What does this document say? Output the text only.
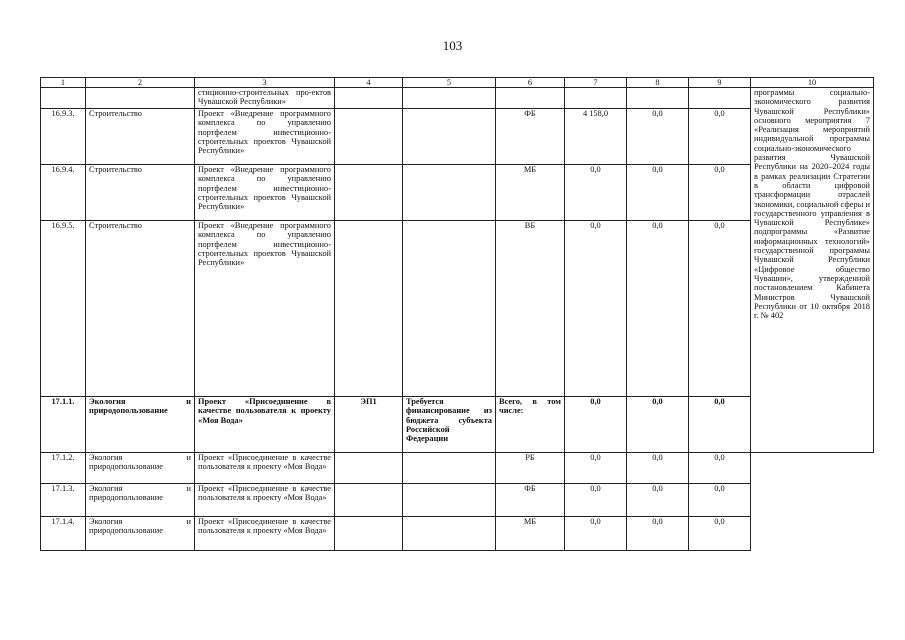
103
1	2	3	4	5	6	7	8	9	10
		стиционно-строительных про-ектов Чувашской Республики»							программы социально-экономического развития Чувашской Республики» основного мероприятия 7 «Реализация мероприятий индивидуальной программы социально-экономического развития Чувашской Республики на 2020–2024 годы в рамках реализации Стратегии в области цифровой трансформации отраслей экономики, социальной сферы и государственного управления в Чувашской Республике» подпрограммы «Развитие информационных технологий» государственной программы Чувашской Республики «Цифровое общество Чувашии», утвержденной постановлением Кабинета Министров Чувашской Республики от 10 октября 2018 г. № 402
16.9.3.	Строительство	Проект «Внедрение программного комплекса по управлению портфелем инвестиционно-строительных проектов Чувашской Республики»			ФБ	4 158,0	0,0	0,0	
16.9.4.	Строительство	Проект «Внедрение программного комплекса по управлению портфелем инвестиционно-строительных проектов Чувашской Республики»			МБ	0,0	0,0	0,0	
16.9.5.	Строительство	Проект «Внедрение программного комплекса по управлению портфелем инвестиционно-строительных проектов Чувашской Республики»			ВБ	0,0	0,0	0,0	
17.1.1.	Экология и природопользование	Проект «Присоединение в качестве пользователя к проекту «Моя Вода»	ЭП1	Требуется финансирование из бюджета субъекта Российской Федерации	Всего, в том числе:	0,0	0,0	0,0	
17.1.2.	Экология и природопользование	Проект «Присоединение в качестве пользователя к проекту «Моя Вода»			РБ	0,0	0,0	0,0	
17.1.3.	Экология и природопользование	Проект «Присоединение в качестве пользователя к проекту «Моя Вода»			ФБ	0,0	0,0	0,0	
17.1.4.	Экология и природопользование	Проект «Присоединение в качестве пользователя к проекту «Моя Вода»			МБ	0,0	0,0	0,0	
